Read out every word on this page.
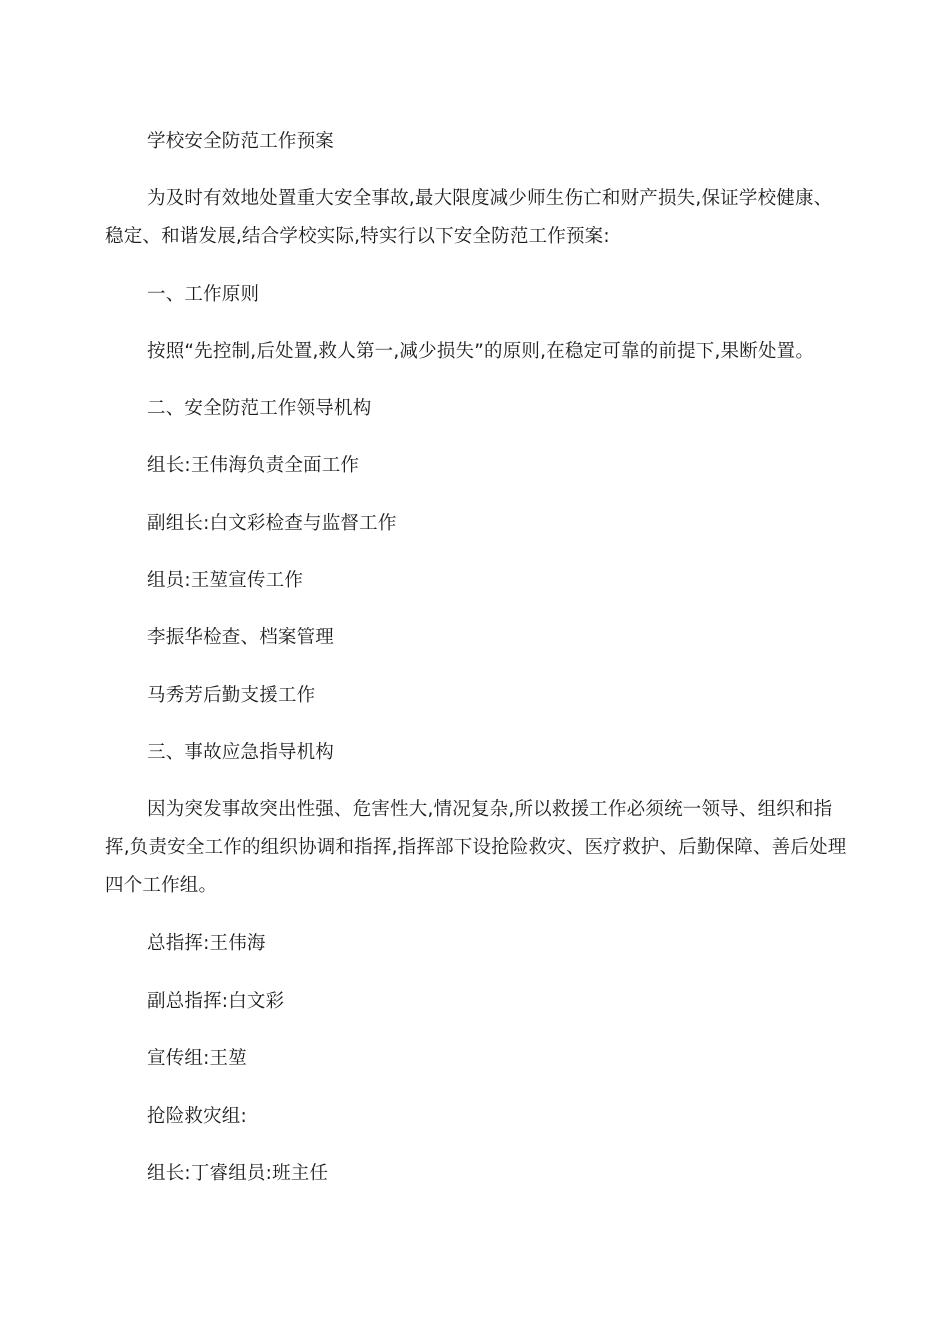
学校安全防范工作预案

为及时有效地处置重大安全事故,最大限度减少师生伤亡和财产损失,保证学校健康、稳定、和谐发展,结合学校实际,特实行以下安全防范工作预案:

一、工作原则

按照“先控制,后处置,救人第一,减少损失”的原则,在稳定可靠的前提下,果断处置。

二、安全防范工作领导机构

组长:王伟海负责全面工作

副组长:白文彩检查与监督工作

组员:王堃宣传工作

李振华检查、档案管理

马秀芳后勤支援工作

三、事故应急指导机构

因为突发事故突出性强、危害性大,情况复杂,所以救援工作必须统一领导、组织和指挥,负责安全工作的组织协调和指挥,指挥部下设抢险救灾、医疗救护、后勤保障、善后处理四个工作组。

总指挥:王伟海

副总指挥:白文彩

宣传组:王堃

抢险救灾组:

组长:丁睿组员:班主任
